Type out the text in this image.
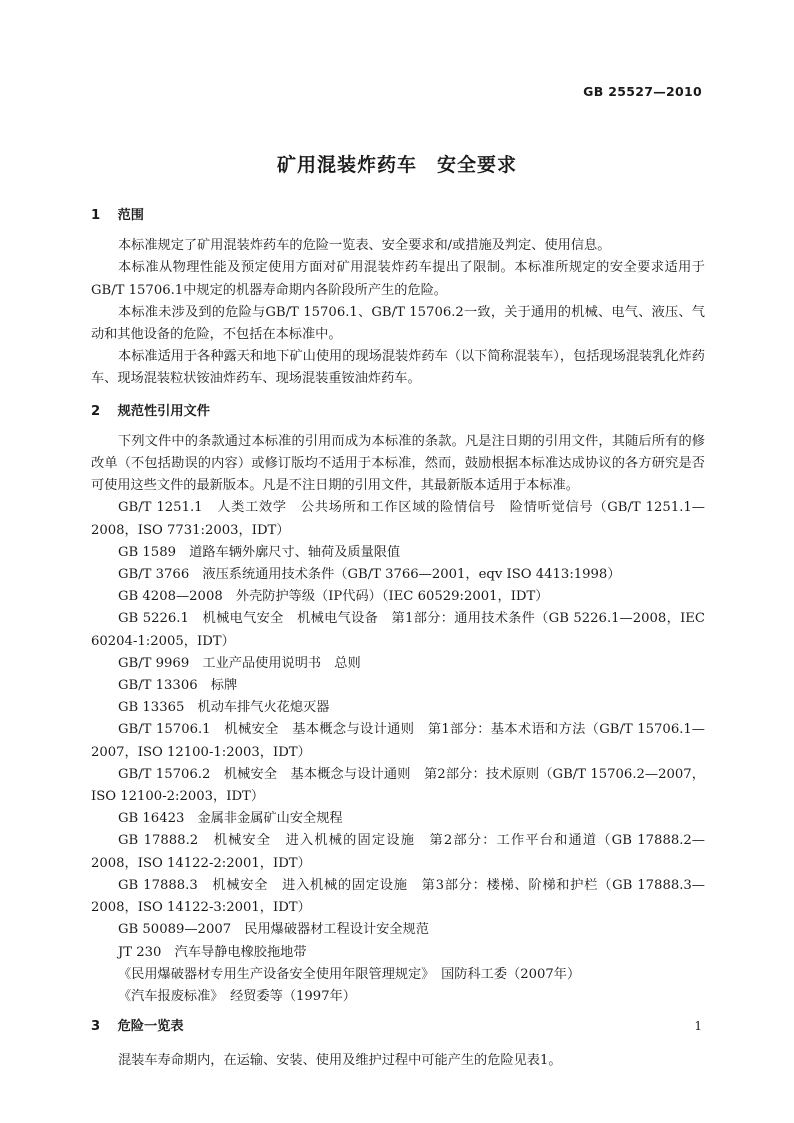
GB 25527—2010
矿用混装炸药车　安全要求
1 范围

本标准规定了矿用混装炸药车的危险一览表、安全要求和/或措施及判定、使用信息。

本标准从物理性能及预定使用方面对矿用混装炸药车提出了限制。本标准所规定的安全要求适用于GB/T 15706.1中规定的机器寿命期内各阶段所产生的危险。

本标准未涉及到的危险与GB/T 15706.1、GB/T 15706.2一致，关于通用的机械、电气、液压、气动和其他设备的危险，不包括在本标准中。

本标准适用于各种露天和地下矿山使用的现场混装炸药车（以下简称混装车），包括现场混装乳化炸药车、现场混装粒状铵油炸药车、现场混装重铵油炸药车。

2 规范性引用文件

下列文件中的条款通过本标准的引用而成为本标准的条款。凡是注日期的引用文件，其随后所有的修改单（不包括勘误的内容）或修订版均不适用于本标准，然而，鼓励根据本标准达成协议的各方研究是否可使用这些文件的最新版本。凡是不注日期的引用文件，其最新版本适用于本标准。

GB/T 1251.1　人类工效学　公共场所和工作区域的险情信号　险情听觉信号（GB/T 1251.1—2008，ISO 7731:2003，IDT）

GB 1589　道路车辆外廓尺寸、轴荷及质量限值

GB/T 3766　液压系统通用技术条件（GB/T 3766—2001，eqv ISO 4413:1998）

GB 4208—2008　外壳防护等级（IP代码）（IEC 60529:2001，IDT）

GB 5226.1　机械电气安全　机械电气设备　第1部分：通用技术条件（GB 5226.1—2008，IEC 60204-1:2005，IDT）

GB/T 9969　工业产品使用说明书　总则

GB/T 13306　标牌

GB 13365　机动车排气火花熄灭器

GB/T 15706.1　机械安全　基本概念与设计通则　第1部分：基本术语和方法（GB/T 15706.1—2007，ISO 12100-1:2003，IDT）

GB/T 15706.2　机械安全　基本概念与设计通则　第2部分：技术原则（GB/T 15706.2—2007，ISO 12100-2:2003，IDT）

GB 16423　金属非金属矿山安全规程

GB 17888.2　机械安全　进入机械的固定设施　第2部分：工作平台和通道（GB 17888.2—2008，ISO 14122-2:2001，IDT）

GB 17888.3　机械安全　进入机械的固定设施　第3部分：楼梯、阶梯和护栏（GB 17888.3—2008，ISO 14122-3:2001，IDT）

GB 50089—2007　民用爆破器材工程设计安全规范

JT 230　汽车导静电橡胶拖地带

《民用爆破器材专用生产设备安全使用年限管理规定》　国防科工委（2007年）

《汽车报废标准》　经贸委等（1997年）

3 危险一览表

混装车寿命期内，在运输、安装、使用及维护过程中可能产生的危险见表1。

1
